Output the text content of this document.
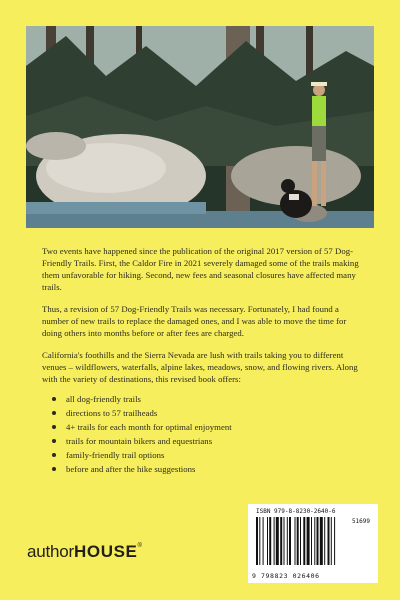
Two events have happened since the publication of the original 2017 version of 57 Dog-Friendly Trails. First, the Caldor Fire in 2021 severely damaged some of the trails making them unfavorable for hiking. Second, new fees and seasonal closures have affected many trails.

Thus, a revision of 57 Dog-Friendly Trails was necessary. Fortunately, I had found a number of new trails to replace the damaged ones, and I was able to move the time for doing others into months before or after fees are charged.

California's foothills and the Sierra Nevada are lush with trails taking you to different venues – wildflowers, waterfalls, alpine lakes, meadows, snow, and flowing rivers. Along with the variety of destinations, this revised book offers:

all dog-friendly trails
directions to 57 trailheads
4+ trails for each month for optimal enjoyment
trails for mountain bikers and equestrians
family-friendly trail options
before and after the hike suggestions
authorHOUSE®
ISBN 979-8-8230-2640-6
51699
9 798823 026406
